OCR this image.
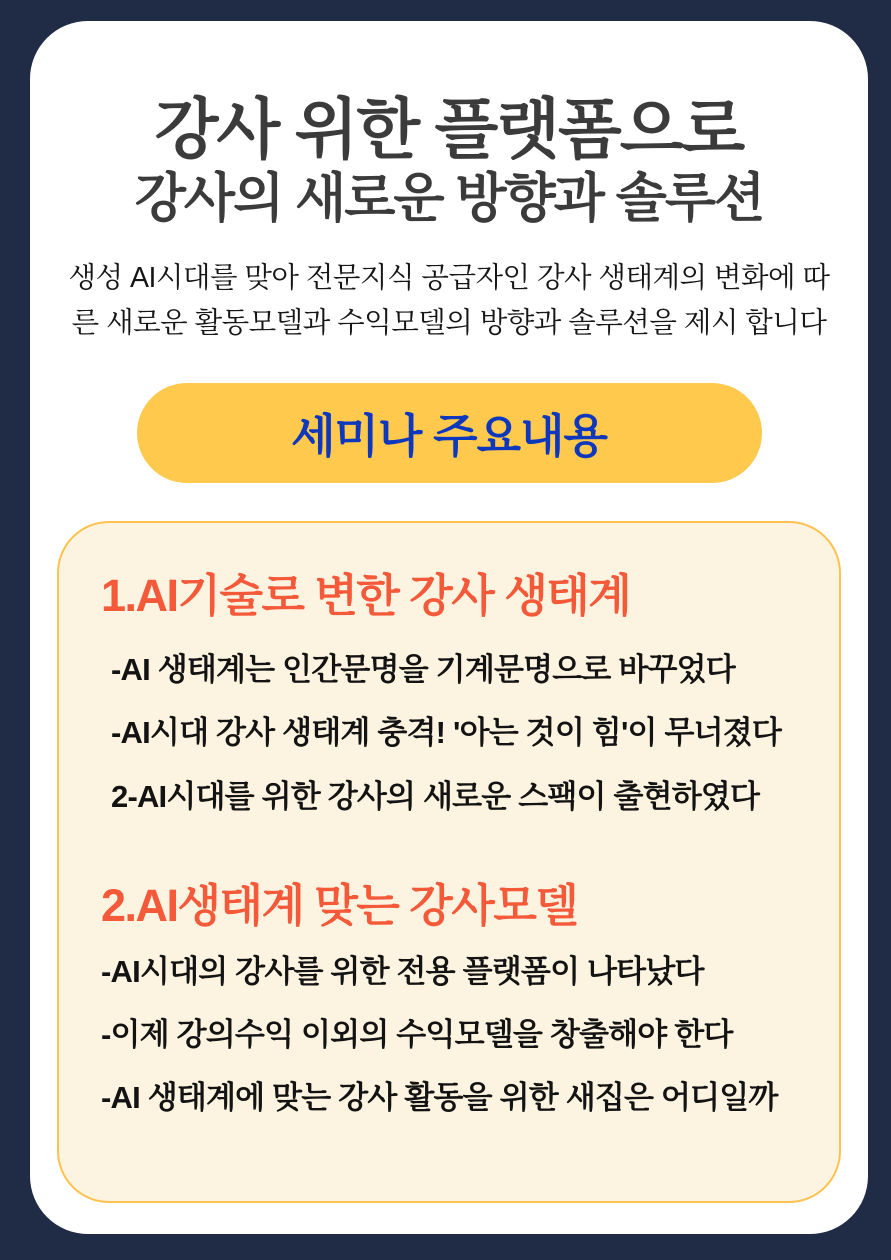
강사 위한 플랫폼으로
강사의 새로운 방향과 솔루션
생성 AI시대를 맞아 전문지식 공급자인 강사 생태계의 변화에 따
른 새로운 활동모델과 수익모델의 방향과 솔루션을 제시 합니다
세미나 주요내용
1.AI기술로 변한 강사 생태계
-AI 생태계는 인간문명을 기계문명으로 바꾸었다
-AI시대 강사 생태계 충격! '아는 것이 힘'이 무너졌다
2-AI시대를 위한 강사의 새로운 스팩이 출현하였다
2.AI생태계 맞는 강사모델
-AI시대의 강사를 위한 전용 플랫폼이 나타났다
-이제 강의수익 이외의 수익모델을 창출해야 한다
-AI 생태계에 맞는 강사 활동을 위한 새집은 어디일까
